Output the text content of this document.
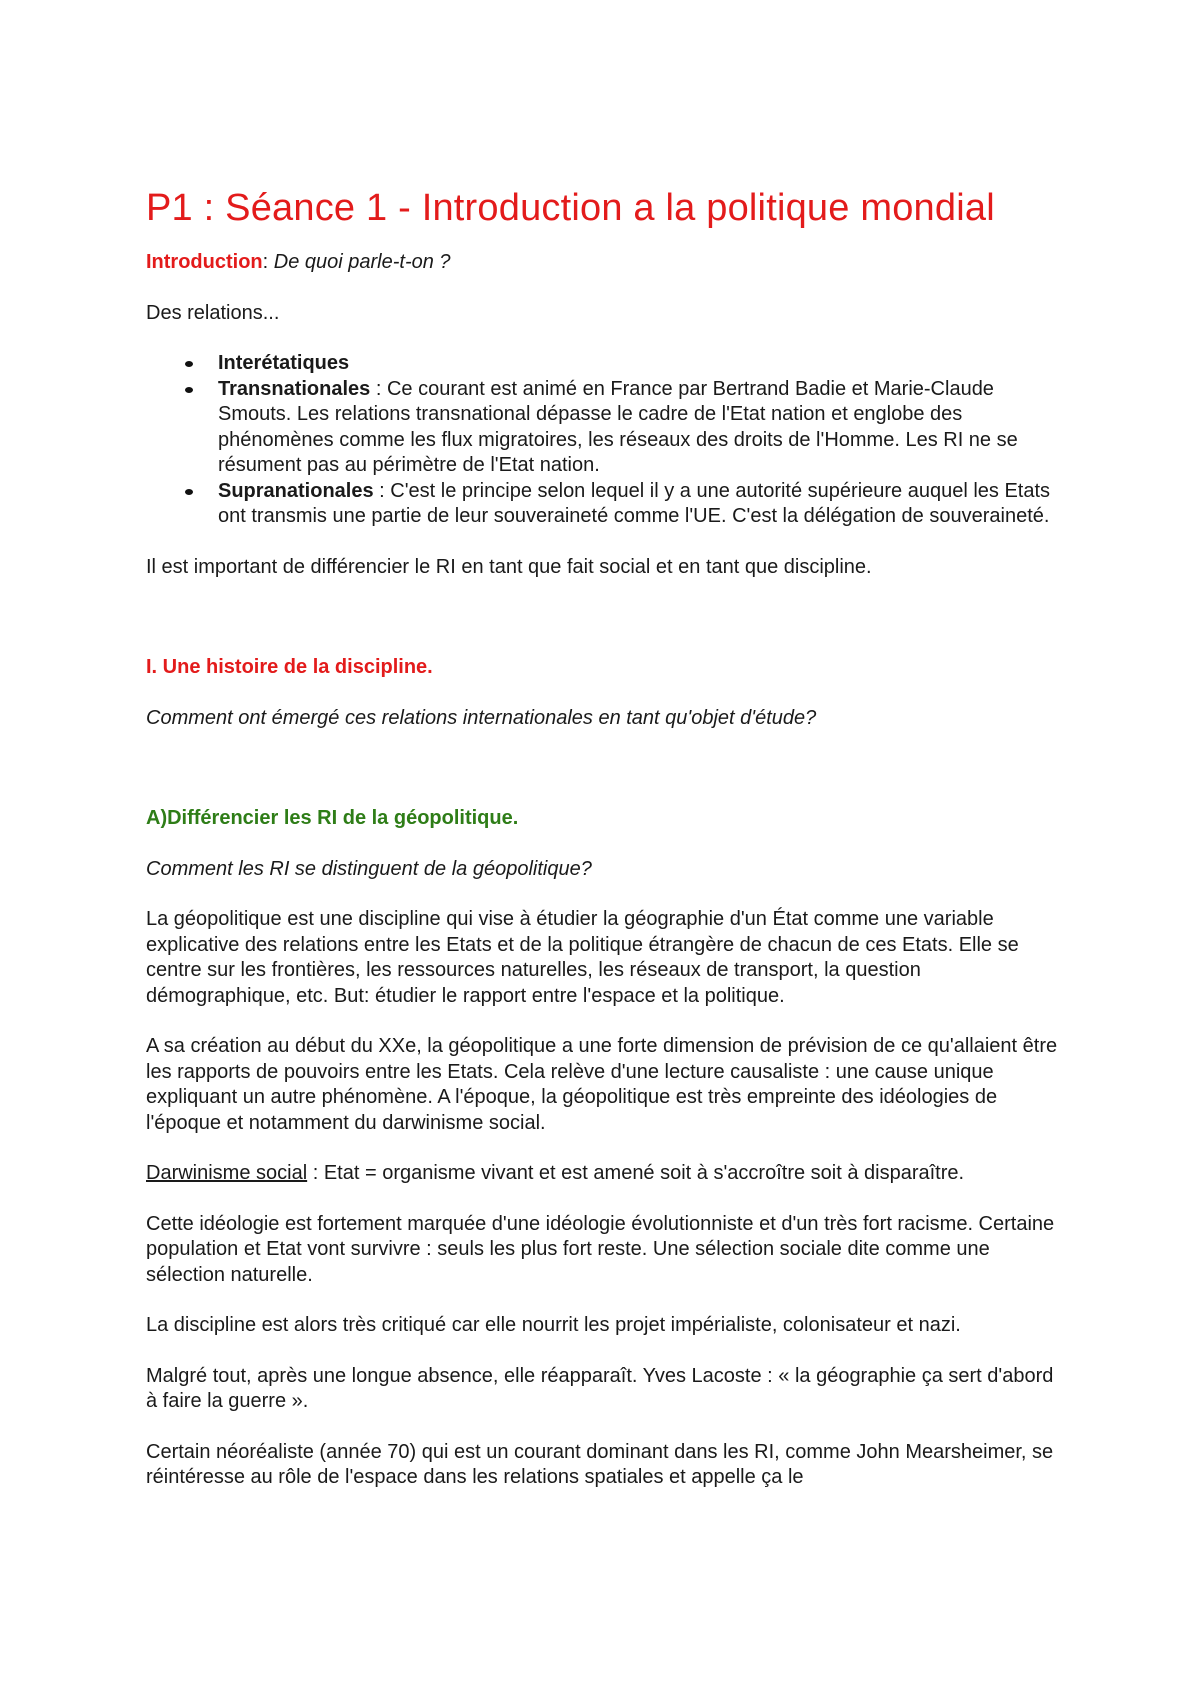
P1 : Séance 1 - Introduction a la politique mondial

Introduction: De quoi parle-t-on ?

Des relations...

Interétatiques
Transnationales : Ce courant est animé en France par Bertrand Badie et Marie-Claude Smouts. Les relations transnational dépasse le cadre de l'Etat nation et englobe des phénomènes comme les flux migratoires, les réseaux des droits de l'Homme. Les RI ne se résument pas au périmètre de l'Etat nation.
Supranationales : C'est le principe selon lequel il y a une autorité supérieure auquel les Etats ont transmis une partie de leur souveraineté comme l'UE. C'est la délégation de souveraineté.

Il est important de différencier le RI en tant que fait social et en tant que discipline.

I. Une histoire de la discipline.

Comment ont émergé ces relations internationales en tant qu'objet d'étude?

A)Différencier les RI de la géopolitique.

Comment les RI se distinguent de la géopolitique?

La géopolitique est une discipline qui vise à étudier la géographie d'un État comme une variable explicative des relations entre les Etats et de la politique étrangère de chacun de ces Etats. Elle se centre sur les frontières, les ressources naturelles, les réseaux de transport, la question démographique, etc. But: étudier le rapport entre l'espace et la politique.

A sa création au début du XXe, la géopolitique a une forte dimension de prévision de ce qu'allaient être les rapports de pouvoirs entre les Etats. Cela relève d'une lecture causaliste : une cause unique expliquant un autre phénomène. A l'époque, la géopolitique est très empreinte des idéologies de l'époque et notamment du darwinisme social.

Darwinisme social : Etat = organisme vivant et est amené soit à s'accroître soit à disparaître.

Cette idéologie est fortement marquée d'une idéologie évolutionniste et d'un très fort racisme. Certaine population et Etat vont survivre : seuls les plus fort reste. Une sélection sociale dite comme une sélection naturelle.

La discipline est alors très critiqué car elle nourrit les projet impérialiste, colonisateur et nazi.

Malgré tout, après une longue absence, elle réapparaît. Yves Lacoste : « la géographie ça sert d'abord à faire la guerre ».

Certain néoréaliste (année 70) qui est un courant dominant dans les RI, comme John Mearsheimer, se réintéresse au rôle de l'espace dans les relations spatiales et appelle ça le
